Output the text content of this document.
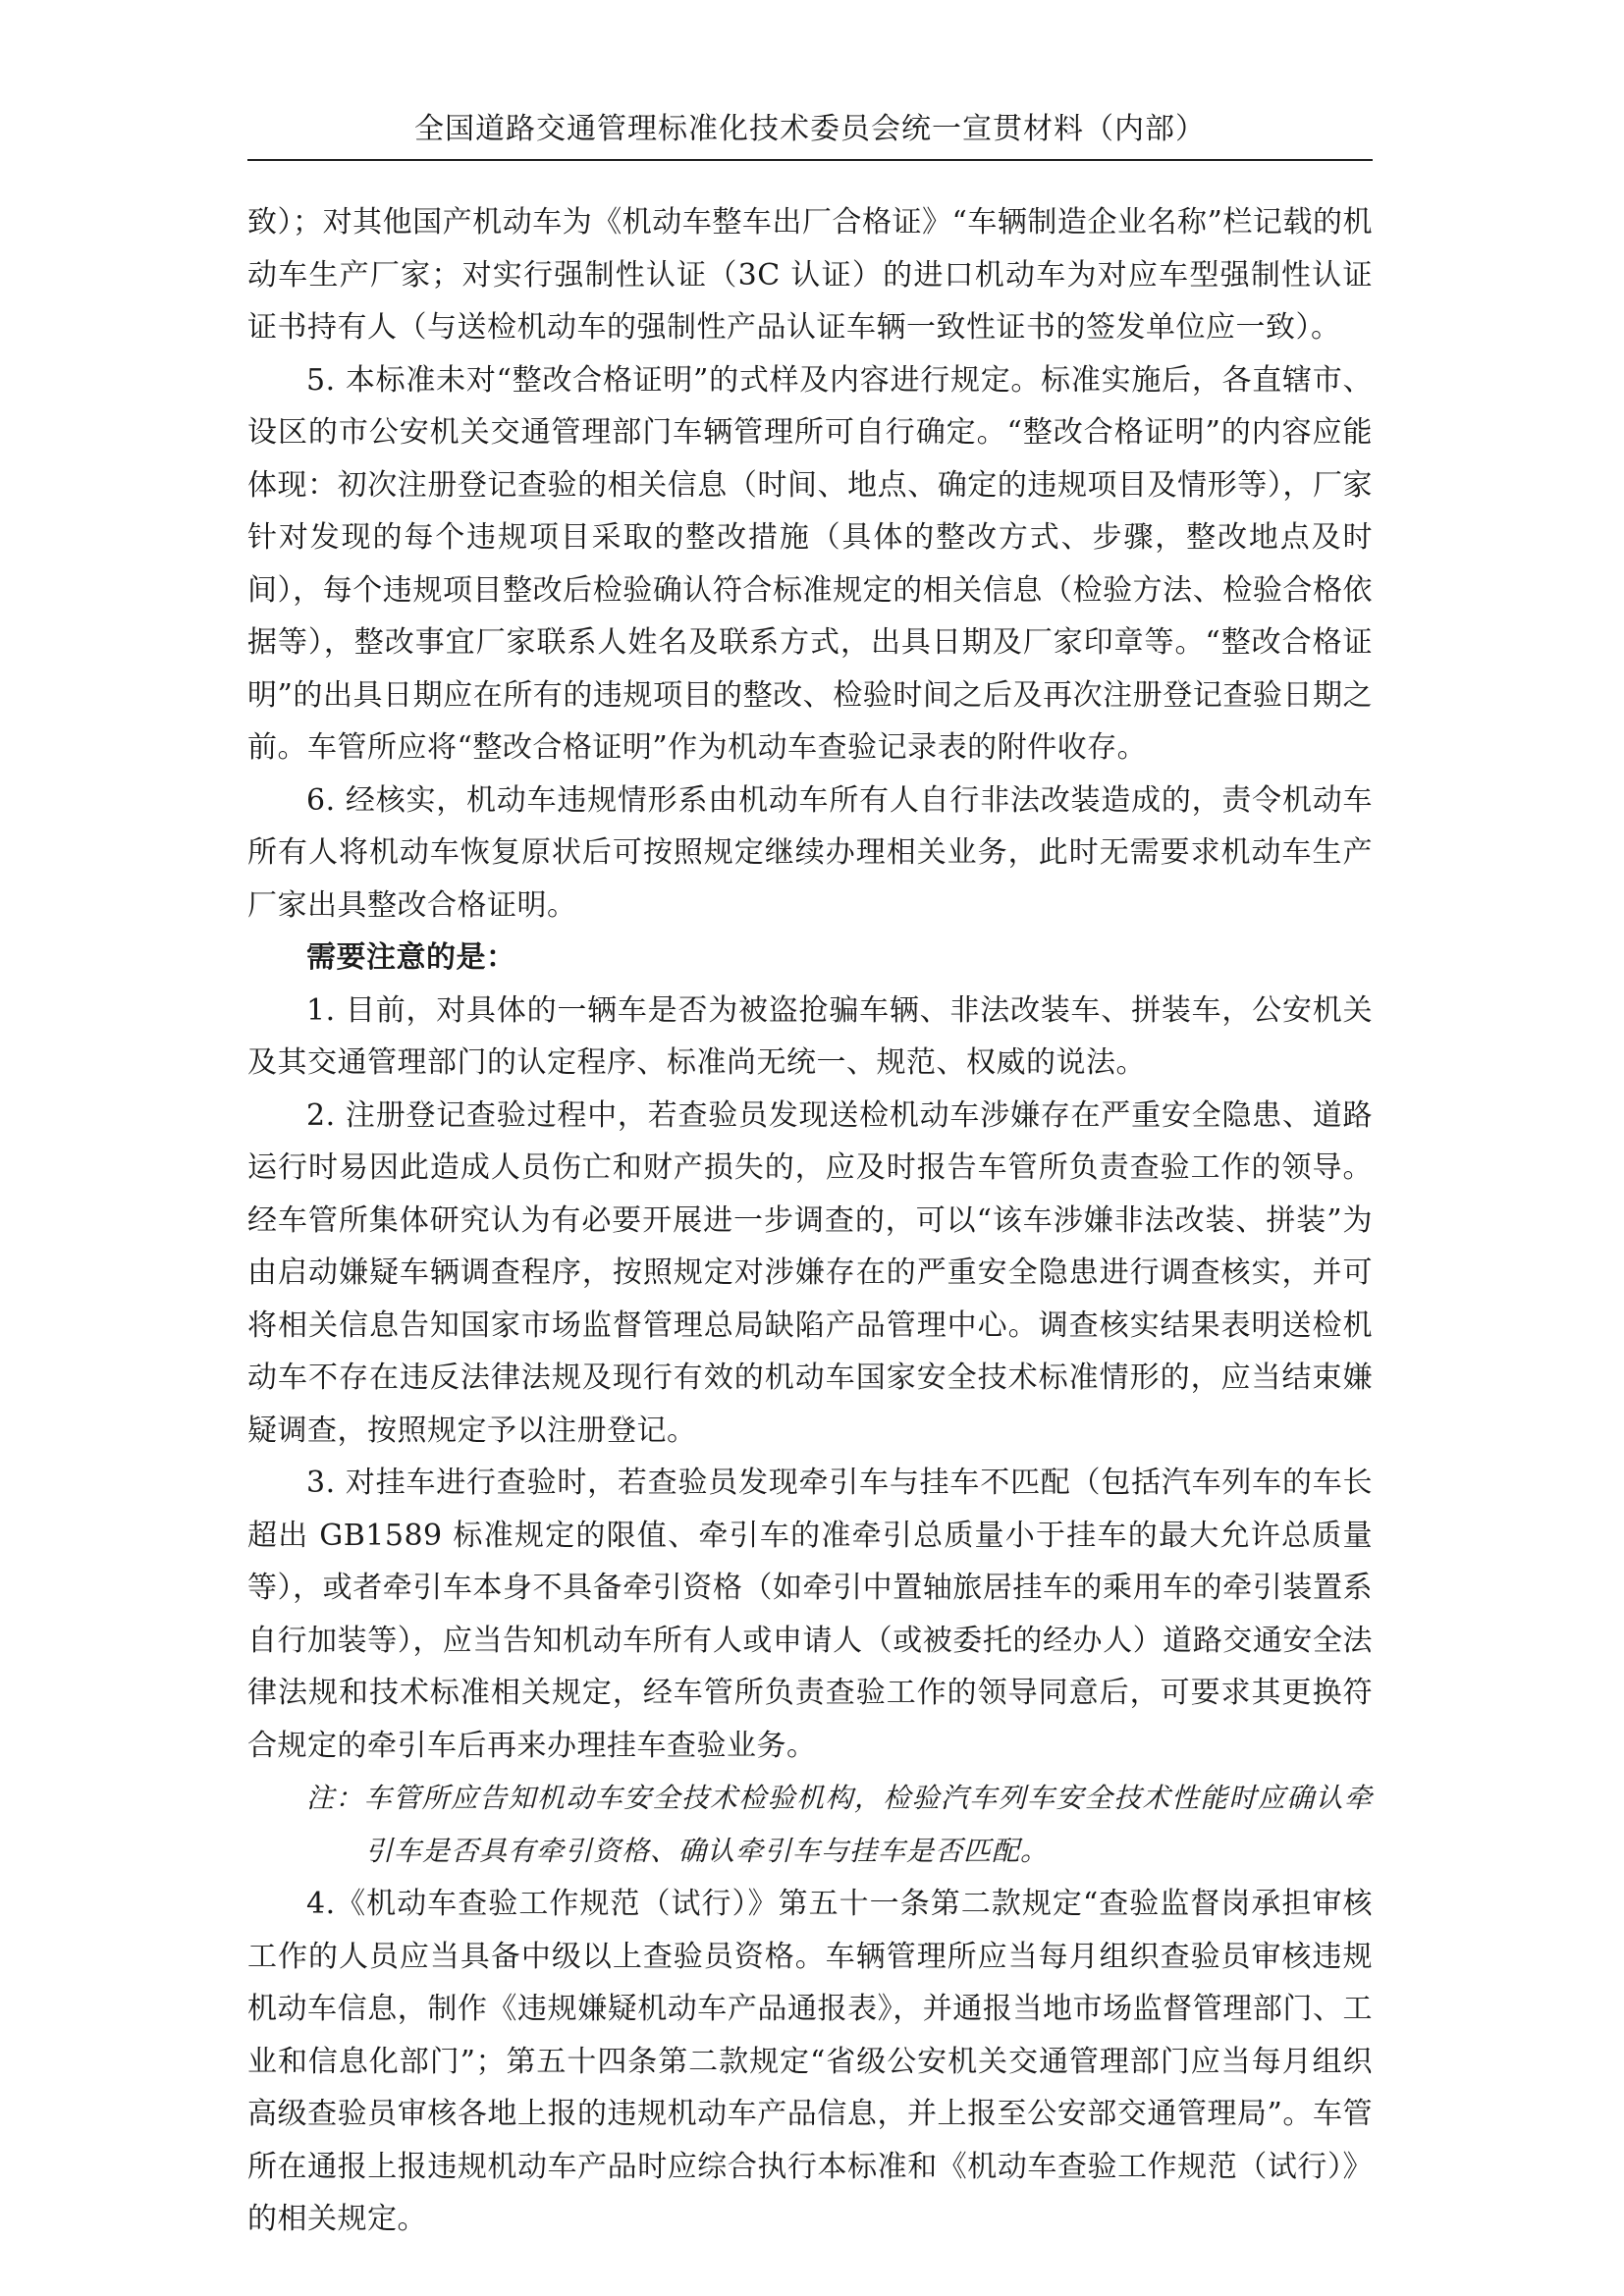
全国道路交通管理标准化技术委员会统一宣贯材料（内部）

致）；对其他国产机动车为《机动车整车出厂合格证》“车辆制造企业名称”栏记载的机动车生产厂家；对实行强制性认证（3C 认证）的进口机动车为对应车型强制性认证证书持有人（与送检机动车的强制性产品认证车辆一致性证书的签发单位应一致）。

5. 本标准未对“整改合格证明”的式样及内容进行规定。标准实施后，各直辖市、设区的市公安机关交通管理部门车辆管理所可自行确定。“整改合格证明”的内容应能体现：初次注册登记查验的相关信息（时间、地点、确定的违规项目及情形等），厂家针对发现的每个违规项目采取的整改措施（具体的整改方式、步骤，整改地点及时间），每个违规项目整改后检验确认符合标准规定的相关信息（检验方法、检验合格依据等），整改事宜厂家联系人姓名及联系方式，出具日期及厂家印章等。“整改合格证明”的出具日期应在所有的违规项目的整改、检验时间之后及再次注册登记查验日期之前。车管所应将“整改合格证明”作为机动车查验记录表的附件收存。

6. 经核实，机动车违规情形系由机动车所有人自行非法改装造成的，责令机动车所有人将机动车恢复原状后可按照规定继续办理相关业务，此时无需要求机动车生产厂家出具整改合格证明。

需要注意的是：

1. 目前，对具体的一辆车是否为被盗抢骗车辆、非法改装车、拼装车，公安机关及其交通管理部门的认定程序、标准尚无统一、规范、权威的说法。

2. 注册登记查验过程中，若查验员发现送检机动车涉嫌存在严重安全隐患、道路运行时易因此造成人员伤亡和财产损失的，应及时报告车管所负责查验工作的领导。经车管所集体研究认为有必要开展进一步调查的，可以“该车涉嫌非法改装、拼装”为由启动嫌疑车辆调查程序，按照规定对涉嫌存在的严重安全隐患进行调查核实，并可将相关信息告知国家市场监督管理总局缺陷产品管理中心。调查核实结果表明送检机动车不存在违反法律法规及现行有效的机动车国家安全技术标准情形的，应当结束嫌疑调查，按照规定予以注册登记。

3. 对挂车进行查验时，若查验员发现牵引车与挂车不匹配（包括汽车列车的车长超出 GB1589 标准规定的限值、牵引车的准牵引总质量小于挂车的最大允许总质量等），或者牵引车本身不具备牵引资格（如牵引中置轴旅居挂车的乘用车的牵引装置系自行加装等），应当告知机动车所有人或申请人（或被委托的经办人）道路交通安全法律法规和技术标准相关规定，经车管所负责查验工作的领导同意后，可要求其更换符合规定的牵引车后再来办理挂车查验业务。

注：车管所应告知机动车安全技术检验机构，检验汽车列车安全技术性能时应确认牵引车是否具有牵引资格、确认牵引车与挂车是否匹配。

4.《机动车查验工作规范（试行）》第五十一条第二款规定“查验监督岗承担审核工作的人员应当具备中级以上查验员资格。车辆管理所应当每月组织查验员审核违规机动车信息，制作《违规嫌疑机动车产品通报表》，并通报当地市场监督管理部门、工业和信息化部门”；第五十四条第二款规定“省级公安机关交通管理部门应当每月组织高级查验员审核各地上报的违规机动车产品信息，并上报至公安部交通管理局”。车管所在通报上报违规机动车产品时应综合执行本标准和《机动车查验工作规范（试行）》的相关规定。
